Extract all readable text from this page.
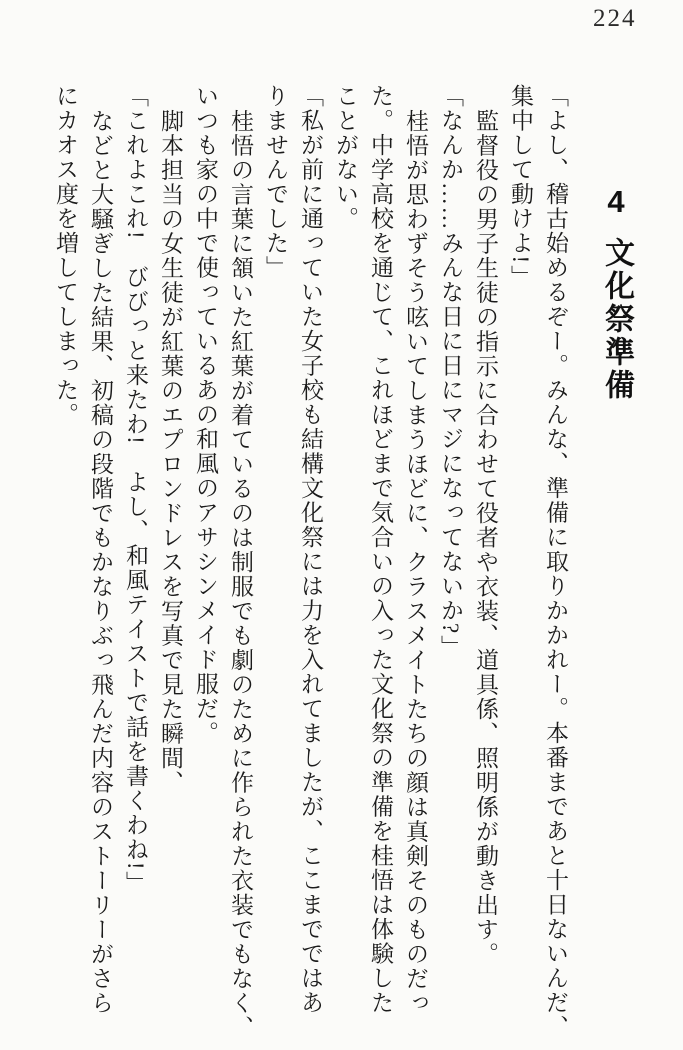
224
4
文化祭準備

「よし、稽古始めるぞー。みんな、準備に取りかかれー。本番まであと十日ないんだ、

集中して動けよ!」

監督役の男子生徒の指示に合わせて役者や衣装、道具係、照明係が動き出す。

「なんか……みんな日に日にマジになってないか?」

桂悟が思わずそう呟いてしまうほどに、クラスメイトたちの顔は真剣そのものだっ

た。中学高校を通じて、これほどまで気合いの入った文化祭の準備を桂悟は体験した

ことがない。

「私が前に通っていた女子校も結構文化祭には力を入れてましたが、ここまでではあ

りませんでした」

桂悟の言葉に頷いた紅葉が着ているのは制服でも劇のために作られた衣装でもなく、

いつも家の中で使っているあの和風のアサシンメイド服だ。

脚本担当の女生徒が紅葉のエプロンドレスを写真で見た瞬間、

「これよこれ!　びびっと来たわ!　よし、和風テイストで話を書くわね!」

などと大騒ぎした結果、初稿の段階でもかなりぶっ飛んだ内容のストーリーがさら

にカオス度を増してしまった。
